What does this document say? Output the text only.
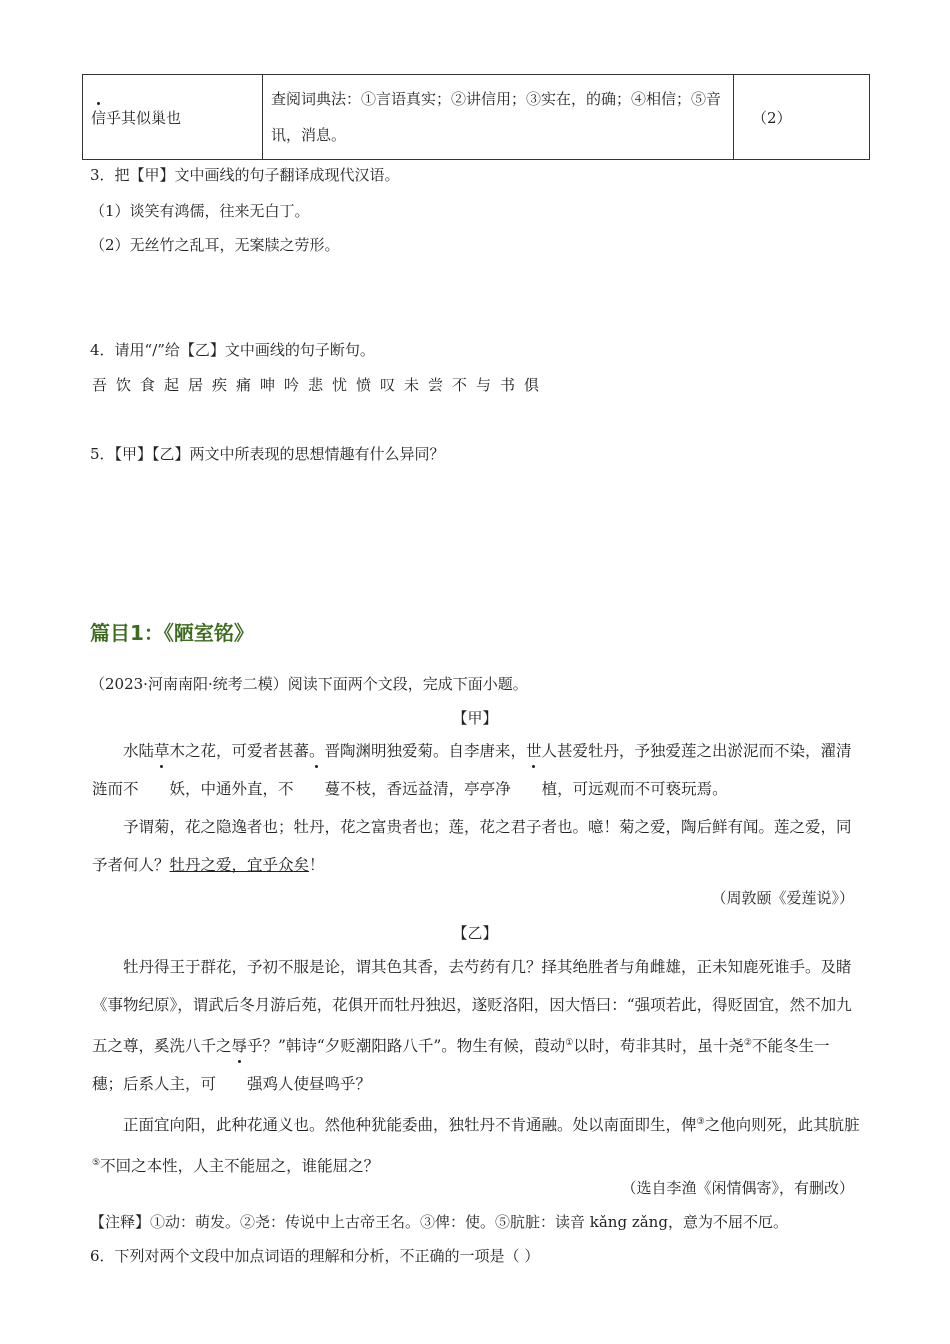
信乎其似巢也	查阅词典法：①言语真实；②讲信用；③实在，的确；④相信；⑤音讯，消息。	（2）
3．把【甲】文中画线的句子翻译成现代汉语。
（1）谈笑有鸿儒，往来无白丁。
（2）无丝竹之乱耳，无案牍之劳形。
4．请用“/”给【乙】文中画线的句子断句。
吾饮食起居疾痛呻吟悲忧愤叹未尝不与书俱
5．【甲】【乙】两文中所表现的思想情趣有什么异同？
篇目1：《陋室铭》
（2023·河南南阳·统考二模）阅读下面两个文段，完成下面小题。
【甲】

水陆草木之花，可爱者甚蕃。晋陶渊明独爱菊。自李唐来，世人甚爱牡丹，予独爱莲之出淤泥而不染，濯清涟而不 妖，中通外直，不 蔓不枝，香远益清，亭亭净 植，可远观而不可亵玩焉。

予谓菊，花之隐逸者也；牡丹，花之富贵者也；莲，花之君子者也。噫！菊之爱，陶后鲜有闻。莲之爱，同予者何人？牡丹之爱，宜乎众矣！

（周敦颐《爱莲说》）
【乙】

牡丹得王于群花，予初不服是论，谓其色其香，去芍药有几？择其绝胜者与角雌雄，正未知鹿死谁手。及睹《事物纪原》，谓武后冬月游后苑，花俱开而牡丹独迟，遂贬洛阳，因大悟曰：“强项若此，得贬固宜，然不加九五之尊，奚洗八千之辱乎？”韩诗“夕贬潮阳路八千”。物生有候，葭动①以时，苟非其时，虽十尧②不能冬生一穗；后系人主，可 强鸡人使昼鸣乎？

正面宜向阳，此种花通义也。然他种犹能委曲，独牡丹不肯通融。处以南面即生，俾③之他向则死，此其肮脏⑤不回之本性，人主不能屈之，谁能屈之？

（选自李渔《闲情偶寄》，有删改）
【注释】①动：萌发。②尧：传说中上古帝王名。③俾：使。⑤肮脏：读音 kǎng zǎng，意为不屈不厄。
6．下列对两个文段中加点词语的理解和分析，不正确的一项是（ ）
